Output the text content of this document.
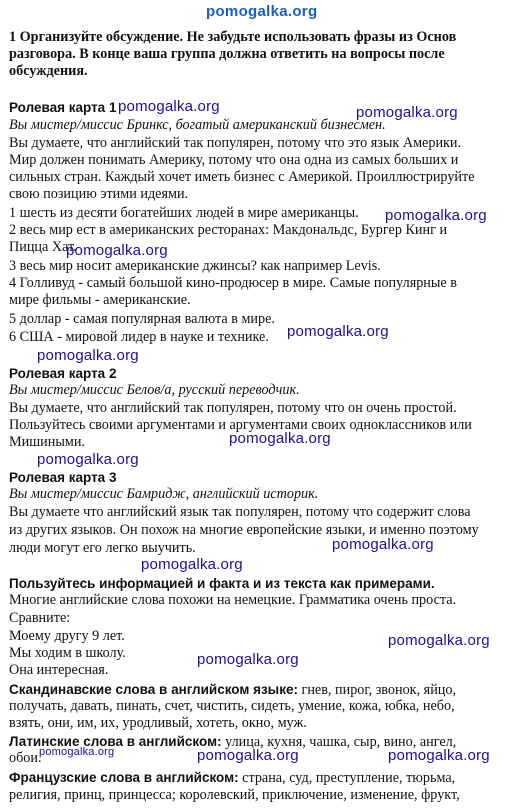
pomogalka.org
1 Организуйте обсуждение. Не забудьте использовать фразы из Основ
разговора. В конце ваша группа должна ответить на вопросы после
обсуждения.
Ролевая карта 1
Вы мистер/миссис Бринкс, богатый американский бизнесмен.
Вы думаете, что английский так популярен, потому что это язык Америки.
Мир должен понимать Америку, потому что она одна из самых больших и
сильных стран. Каждый хочет иметь бизнес с Америкой. Проиллюстрируйте
свою позицию этими идеями.
1 шесть из десяти богатейших людей в мире американцы.
2 весь мир ест в американских ресторанах: Макдональдс, Бургер Кинг и
Пицца Хат.
3 весь мир носит американские джинсы? как например Levis.
4 Голливуд - самый большой кино-продюсер в мире. Самые популярные в
мире фильмы - американские.
5 доллар - самая популярная валюта в мире.
6 США - мировой лидер в науке и технике.
Ролевая карта 2
Вы мистер/миссис Белов/а, русский переводчик.
Вы думаете, что английский так популярен, потому что он очень простой.
Пользуйтесь своими аргументами и аргументами своих одноклассников или
Мишиными.
Ролевая карта 3
Вы мистер/миссис Бамридж, английский историк.
Вы думаете что английский язык так популярен, потому что содержит слова
из других языков. Он похож на многие европейские языки, и именно поэтому
люди могут его легко выучить.
Пользуйтесь информацией и факта и из текста как примерами.
Многие английские слова похожи на немецкие. Грамматика очень проста.
Сравните:
Моему другу 9 лет.
Мы ходим в школу.
Она интересная.
Скандинавские слова в английском языке: гнев, пирог, звонок, яйцо,
получать, давать, пинать, счет, чистить, сидеть, умение, кожа, юбка, небо,
взять, они, им, их, уродливый, хотеть, окно, муж.
Латинские слова в английском: улица, кухня, чашка, сыр, вино, ангел,
обои.
Французские слова в английском: страна, суд, преступление, тюрьма,
религия, принц, принцесса; королевский, приключение, изменение, фрукт,
pomogalka.org	pomogalka.org
pomogalka.org
pomogalka.org
pomogalka.org
pomogalka.org
pomogalka.org
pomogalka.org
pomogalka.org
pomogalka.org
pomogalka.org
pomogalka.org
pomogalka.org	pomogalka.org	pomogalka.org
